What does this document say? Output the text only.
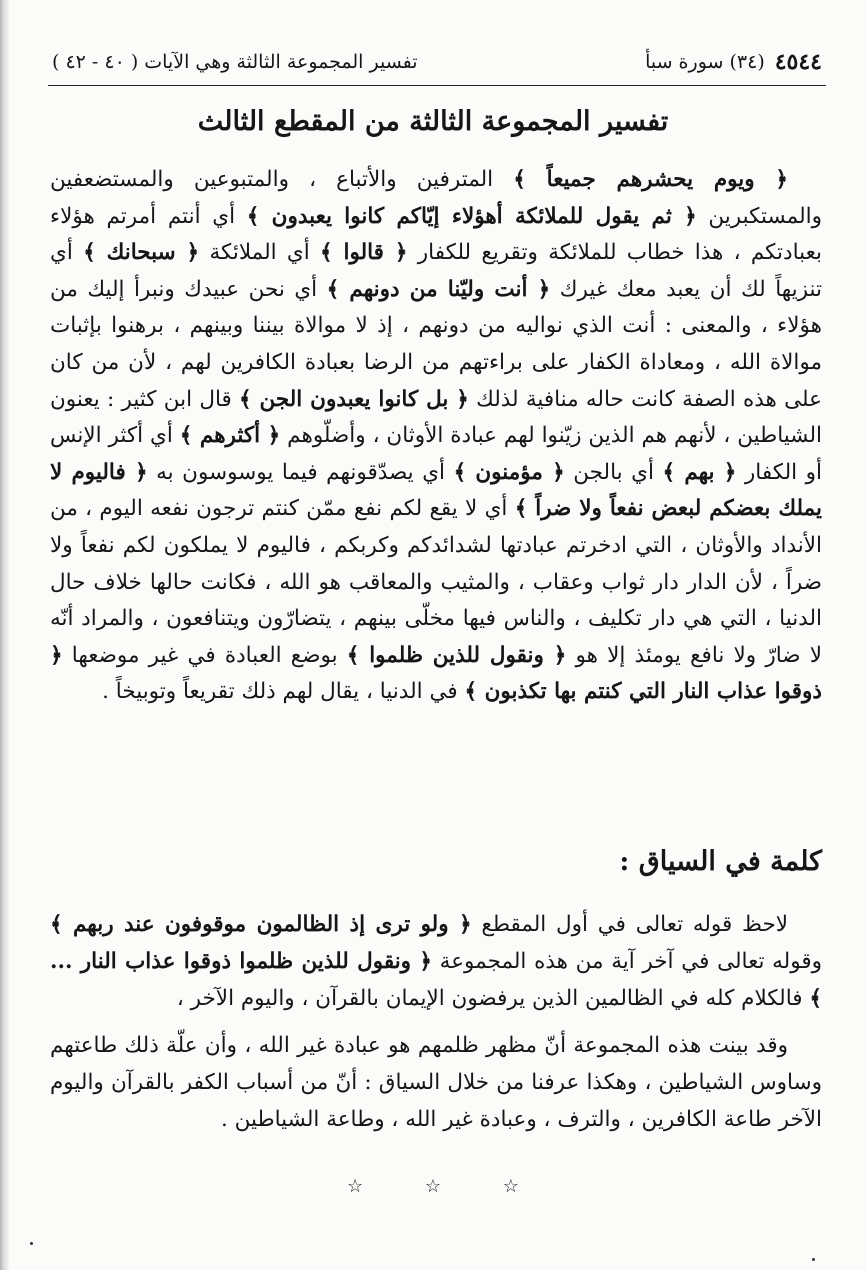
٤٥٤٤
(٣٤) سورة سبأ
تفسير المجموعة الثالثة وهي الآيات ( ٤٠ - ٤٢ )
تفسير المجموعة الثالثة من المقطع الثالث

﴿ ويوم يحشرهم جميعاً ﴾ المترفين والأتباع ، والمتبوعين والمستضعفين والمستكبرين ﴿ ثم يقول للملائكة أهؤلاء إيّاكم كانوا يعبدون ﴾ أي أنتم أمرتم هؤلاء بعبادتكم ، هذا خطاب للملائكة وتقريع للكفار ﴿ قالوا ﴾ أي الملائكة ﴿ سبحانك ﴾ أي تنزيهاً لك أن يعبد معك غيرك ﴿ أنت وليّنا من دونهم ﴾ أي نحن عبيدك ونبرأ إليك من هؤلاء ، والمعنى : أنت الذي نواليه من دونهم ، إذ لا موالاة بيننا وبينهم ، برهنوا بإثبات موالاة الله ، ومعاداة الكفار على براءتهم من الرضا بعبادة الكافرين لهم ، لأن من كان على هذه الصفة كانت حاله منافية لذلك ﴿ بل كانوا يعبدون الجن ﴾ قال ابن كثير : يعنون الشياطين ، لأنهم هم الذين زيّنوا لهم عبادة الأوثان ، وأضلّوهم ﴿ أكثرهم ﴾ أي أكثر الإنس أو الكفار ﴿ بهم ﴾ أي بالجن ﴿ مؤمنون ﴾ أي يصدّقونهم فيما يوسوسون به ﴿ فاليوم لا يملك بعضكم لبعض نفعاً ولا ضراً ﴾ أي لا يقع لكم نفع ممّن كنتم ترجون نفعه اليوم ، من الأنداد والأوثان ، التي ادخرتم عبادتها لشدائدكم وكربكم ، فاليوم لا يملكون لكم نفعاً ولا ضراً ، لأن الدار دار ثواب وعقاب ، والمثيب والمعاقب هو الله ، فكانت حالها خلاف حال الدنيا ، التي هي دار تكليف ، والناس فيها مخلّى بينهم ، يتضارّون ويتنافعون ، والمراد أنّه لا ضارّ ولا نافع يومئذ إلا هو ﴿ ونقول للذين ظلموا ﴾ بوضع العبادة في غير موضعها ﴿ ذوقوا عذاب النار التي كنتم بها تكذبون ﴾ في الدنيا ، يقال لهم ذلك تقريعاً وتوبيخاً .

كلمة في السياق :

لاحظ قوله تعالى في أول المقطع ﴿ ولو ترى إذ الظالمون موقوفون عند ربهم ﴾ وقوله تعالى في آخر آية من هذه المجموعة ﴿ ونقول للذين ظلموا ذوقوا عذاب النار ... ﴾ فالكلام كله في الظالمين الذين يرفضون الإيمان بالقرآن ، واليوم الآخر ،

وقد بينت هذه المجموعة أنّ مظهر ظلمهم هو عبادة غير الله ، وأن علّة ذلك طاعتهم وساوس الشياطين ، وهكذا عرفنا من خلال السياق : أنّ من أسباب الكفر بالقرآن واليوم الآخر طاعة الكافرين ، والترف ، وعبادة غير الله ، وطاعة الشياطين .

☆	☆	☆
